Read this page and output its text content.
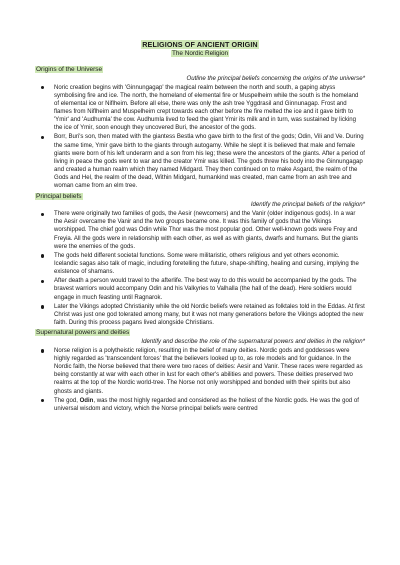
RELIGIONS OF ANCIENT ORIGIN
The Nordic Religion
Origins of the Universe
Outline the principal beliefs concerning the origins of the universe*
Noric creation begins with 'Ginnungagap' the magical realm between the north and south, a gaping abyss symbolising fire and ice. The north, the homeland of elemental fire or Muspelheim while the south is the homeland of elemental ice or Niflheim. Before all else, there was only the ash tree Yggdrasil and Ginnunagap. Frost and flames from Niflheim and Muspelheim crept towards each other before the fire melted the ice and it gave birth to 'Ymir' and 'Audhumla' the cow. Audhumla lived to feed the giant Ymir its milk and in turn, was sustained by licking the ice of Ymir, soon enough they uncovered Buri, the ancestor of the gods.
Borr, Buri's son, then mated with the giantess Bestla who gave birth to the first of the gods; Odin, Vili and Ve. During the same time, Ymir gave birth to the giants through autogamy. While he slept it is believed that male and female giants were born of his left underarm and a son from his leg; these were the ancestors of the giants. After a period of living in peace the gods went to war and the creator Ymir was killed. The gods threw his body into the Ginnungagap and created a human realm which they named Midgard. They then continued on to make Asgard, the realm of the Gods and Hel, the realm of the dead, Within Midgard, humankind was created, man came from an ash tree and woman came from an elm tree.
Principal beliefs
Identify the principal beliefs of the religion*
There were originally two families of gods, the Aesir (newcomers) and the Vanir (older indigenous gods). In a war the Aesir overcame the Vanir and the two groups became one. It was this family of gods that the Vikings worshipped. The chief god was Odin while Thor was the most popular god. Other well-known gods were Frey and Freyia. All the gods were in relationship with each other, as well as with giants, dwarfs and humans. But the giants were the enemies of the gods.
The gods held different societal functions. Some were militaristic, others religious and yet others economic. Icelandic sagas also talk of magic, including foretelling the future, shape-shifting, healing and cursing, implying the existence of shamans.
After death a person would travel to the afterlife. The best way to do this would be accompanied by the gods. The bravest warriors would accompany Odin and his Valkyries to Valhalla (the hall of the dead). Here soldiers would engage in much feasting until Ragnarok.
Later the Vikings adopted Christianity while the old Nordic beliefs were retained as folktales told in the Eddas. At first Christ was just one god tolerated among many, but it was not many generations before the Vikings adopted the new faith. During this process pagans lived alongside Christians.
Supernatural powers and deities
Identify and describe the role of the supernatural powers and deities in the religion*
Norse religion is a polytheistic religion, resulting in the belief of many deities. Nordic gods and goddesses were highly regarded as 'transcendent forces' that the believers looked up to, as role models and for guidance. In the Nordic faith, the Norse believed that there were two races of deities: Aesir and Vanir. These races were regarded as being constantly at war with each other in lust for each other's abilities and powers. These deities preserved two realms at the top of the Nordic world-tree. The Norse not only worshipped and bonded with their spirits but also ghosts and giants.
The god, Odin, was the most highly regarded and considered as the holiest of the Nordic gods. He was the god of universal wisdom and victory, which the Norse principal beliefs were centred
